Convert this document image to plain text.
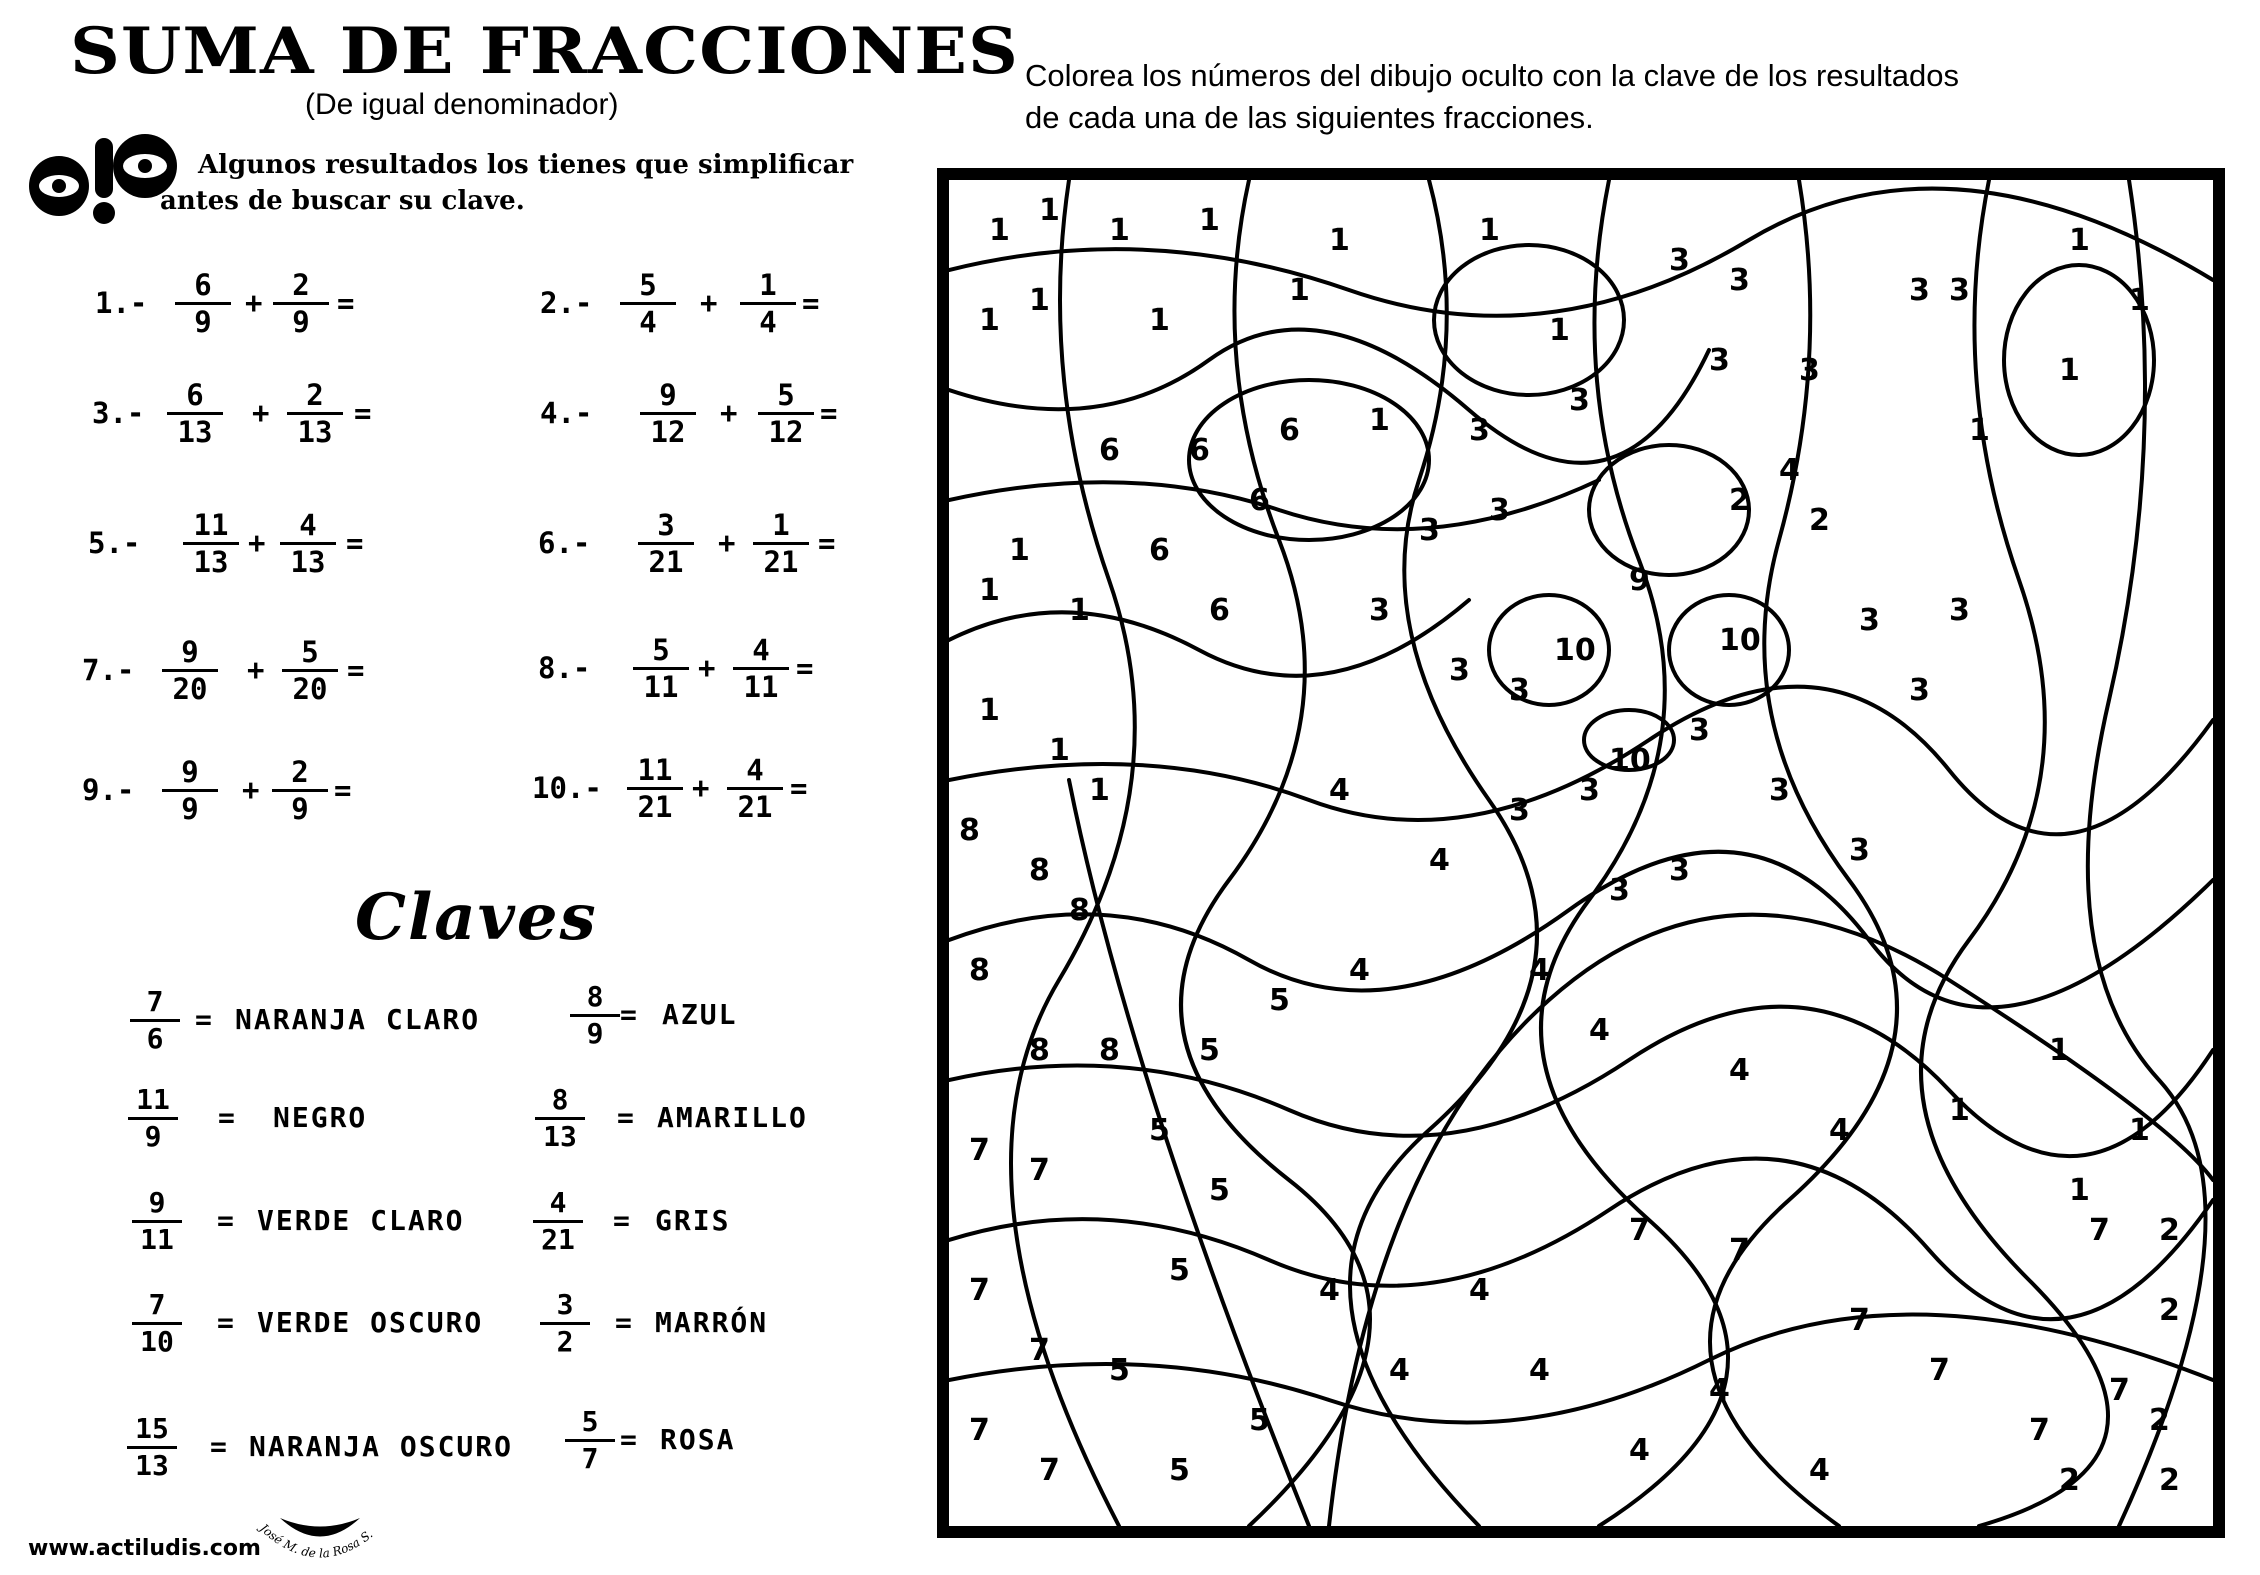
SUMA DE FRACCIONES
(De igual denominador)
Algunos resultados los tienes que simplificar
antes de buscar su clave.
Colorea los números del dibujo oculto con la clave de los resultados
de cada una de las siguientes fracciones.
$1.- \frac{6}{9} + \frac{2}{9}$ =	$2.- \frac{5}{4} + \frac{1}{4}$ =
$3.- \frac{6}{13} + \frac{2}{13}$ =	$4.- \frac{9}{12} + \frac{5}{12}$ =
$5.- \frac{11}{13} + \frac{4}{13}$ =	$6.- \frac{3}{21} + \frac{1}{21}$ =
$7.- \frac{9}{20} + \frac{5}{20}$ =	$8.- \frac{5}{11} + \frac{4}{11}$ =
$9.- \frac{9}{9} + \frac{2}{9}$ =	$10.- \frac{11}{21} + \frac{4}{21}$ =
Claves
$\frac{7}{6}$ = NARANJA CLARO	$\frac{8}{9}$ = AZUL
$\frac{11}{9}$ = NEGRO	$\frac{8}{13}$ = AMARILLO
$\frac{9}{11}$ = VERDE CLARO $\frac{4}{21}$ = GRIS
$\frac{7}{10}$ = VERDE OSCURO $\frac{3}{2}$ = MARRÓN
$\frac{15}{13}$ = NARANJA OSCURO $\frac{5}{7}$ = ROSA
www.actiludis.com
José M. de la Rosa S.
1
1
1 1
1	1
3
3	3 3
1
1
1
1
1
1
1
3 3	1
6 6
6
6
6
6
1	3
3
4
2
2
3
3
1
10	10
9
10
3
3
3
3
3
3
3
3
3
4
4
3
3
3
3
4	4
4
4
4
1
1
1
1
1
1
1
1
1
1
8
8
8
8
8 8
7
7
7
7
7
7
5
5
5
5
5
5
5
5
4
4
4
4
4
4
4
7
7
7
7
7
7
2
2
2	2
7 2
